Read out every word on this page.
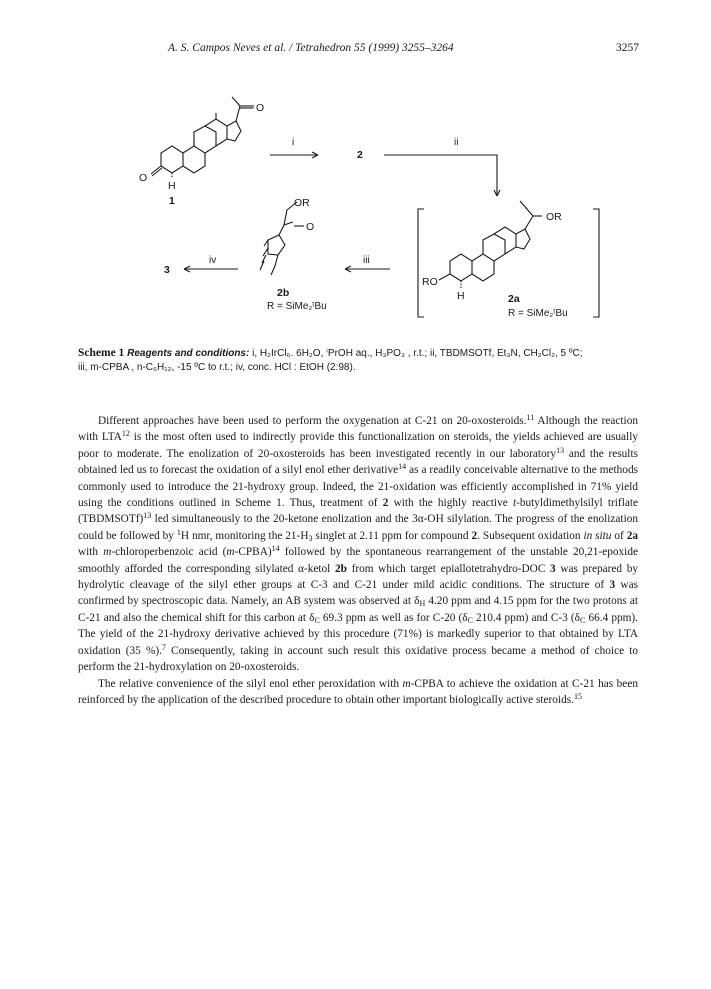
A. S. Campos Neves et al. / Tetrahedron 55 (1999) 3255–3264	3257
O
O
H
1
i
2
ii
OR
O
iv
3
iii
2b
R = SiMe₂ᵗBu
OR
RO
H	2a
R = SiMe₂ᵗBu
Scheme 1 Reagents and conditions: i, H₂IrCl₆. 6H₂O, ⁱPrOH aq., H₃PO₃ , r.t.; ii, TBDMSOTf, Et₃N, CH₂Cl₂, 5 ºC;
iii, m-CPBA , n-C₆H₁₂, -15 ºC to r.t.; iv, conc. HCl : EtOH (2:98).

Different approaches have been used to perform the oxygenation at C-21 on 20-oxosteroids.$^{11}$ Although the reaction with LTA$^{12}$ is the most often used to indirectly provide this functionalization on steroids, the yields achieved are usually poor to moderate. The enolization of 20-oxosteroids has been investigated recently in our laboratory$^{13}$ and the results obtained led us to forecast the oxidation of a silyl enol ether derivative$^{14}$ as a readily conceivable alternative to the methods commonly used to introduce the 21-hydroxy group. Indeed, the 21-oxidation was efficiently accomplished in 71% yield using the conditions outlined in Scheme 1. Thus, treatment of 2 with the highly reactive t-butyldimethylsilyl triflate (TBDMSOTf)$^{13}$ led simultaneously to the 20-ketone enolization and the 3α-OH silylation. The progress of the enolization could be followed by $^1$H nmr, monitoring the $21-H_3$ singlet at 2.11 ppm for compound 2. Subsequent oxidation in situ of 2a with m-chloroperbenzoic acid (m-CPBA)$^{14}$ followed by the spontaneous rearrangement of the unstable 20,21-epoxide smoothly afforded the corresponding silylated α-ketol 2b from which target epiallotetrahydro-DOC 3 was prepared by hydrolytic cleavage of the silyl ether groups at C-3 and C-21 under mild acidic conditions. The structure of 3 was confirmed by spectroscopic data. Namely, an AB system was observed at $\delta_H$ 4.20 ppm and 4.15 ppm for the two protons at C-21 and also the chemical shift for this carbon at $\delta_C$ 69.3 ppm as well as for C-20 ($\delta_C$ 210.4 ppm) and C-3 ($\delta_C$ 66.4 ppm). The yield of the 21-hydroxy derivative achieved by this procedure (71%) is markedly superior to that obtained by LTA oxidation (35 %).$^7$ Consequently, taking in account such result this oxidative process became a method of choice to perform the 21-hydroxylation on 20-oxosteroids.

The relative convenience of the silyl enol ether peroxidation with m-CPBA to achieve the oxidation at C-21 has been reinforced by the application of the described procedure to obtain other important biologically active steroids.$^{15}$
